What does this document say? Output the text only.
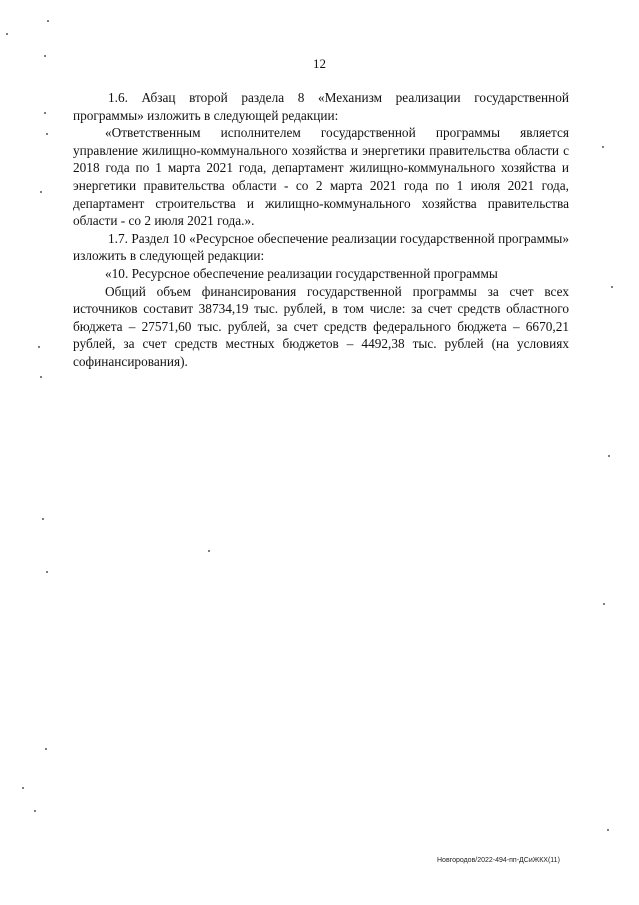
12

1.6. Абзац второй раздела 8 «Механизм реализации государственной программы» изложить в следующей редакции:

«Ответственным исполнителем государственной программы является управление жилищно-коммунального хозяйства и энергетики правительства области с 2018 года по 1 марта 2021 года, департамент жилищно-коммунального хозяйства и энергетики правительства области - со 2 марта 2021 года по 1 июля 2021 года, департамент строительства и жилищно-коммунального хозяйства правительства области - со 2 июля 2021 года.».

1.7. Раздел 10 «Ресурсное обеспечение реализации государственной программы» изложить в следующей редакции:

«10. Ресурсное обеспечение реализации государственной программы

Общий объем финансирования государственной программы за счет всех источников составит 38734,19 тыс. рублей, в том числе: за счет средств областного бюджета – 27571,60 тыс. рублей, за счет средств федерального бюджета – 6670,21 рублей, за счет средств местных бюджетов – 4492,38 тыс. рублей (на условиях софинансирования).

Новгородов/2022-494-пп-ДСиЖКХ(11)
